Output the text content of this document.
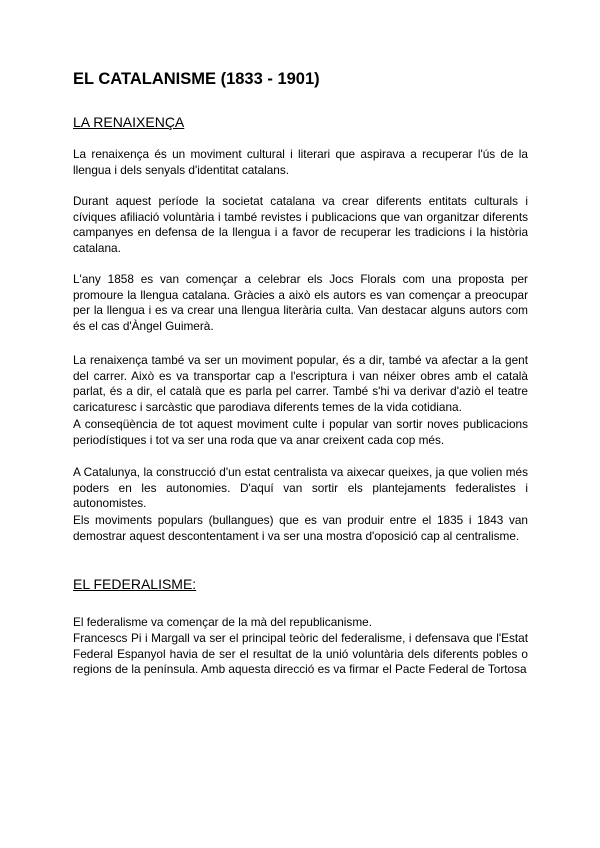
EL CATALANISME (1833 - 1901)
LA RENAIXENÇA

La renaixença és un moviment cultural i literari que aspirava a recuperar l'ús de la llengua i dels senyals d'identitat catalans.

Durant aquest període la societat catalana va crear diferents entitats culturals i cíviques afiliació voluntària i també revistes i publicacions que van organitzar diferents campanyes en defensa de la llengua i a favor de recuperar les tradicions i la història catalana.

L'any 1858 es van començar a celebrar els Jocs Florals com una proposta per promoure la llengua catalana. Gràcies a això els autors es van començar a preocupar per la llengua i es va crear una llengua literària culta. Van destacar alguns autors com és el cas d'Àngel Guimerà.

La renaixença també va ser un moviment popular, és a dir, també va afectar a la gent del carrer. Això es va transportar cap a l'escriptura i van néixer obres amb el català parlat, és a dir, el català que es parla pel carrer. També s'hi va derivar d'aziò el teatre caricaturesc i sarcàstic que parodiava diferents temes de la vida cotidiana.

A conseqüència de tot aquest moviment culte i popular van sortir noves publicacions periodístiques i tot va ser una roda que va anar creixent cada cop més.

A Catalunya, la construcció d'un estat centralista va aixecar queixes, ja que volien més poders en les autonomies. D'aquí van sortir els plantejaments federalistes i autonomistes.

Els moviments populars (bullangues) que es van produir entre el 1835 i 1843 van demostrar aquest descontentament i va ser una mostra d'oposició cap al centralisme.

EL FEDERALISME:

El federalisme va començar de la mà del republicanisme.

Francescs Pi i Margall va ser el principal teòric del federalisme, i defensava que l'Estat Federal Espanyol havia de ser el resultat de la unió voluntària dels diferents pobles o regions de la península. Amb aquesta direcció es va firmar el Pacte Federal de Tortosa
